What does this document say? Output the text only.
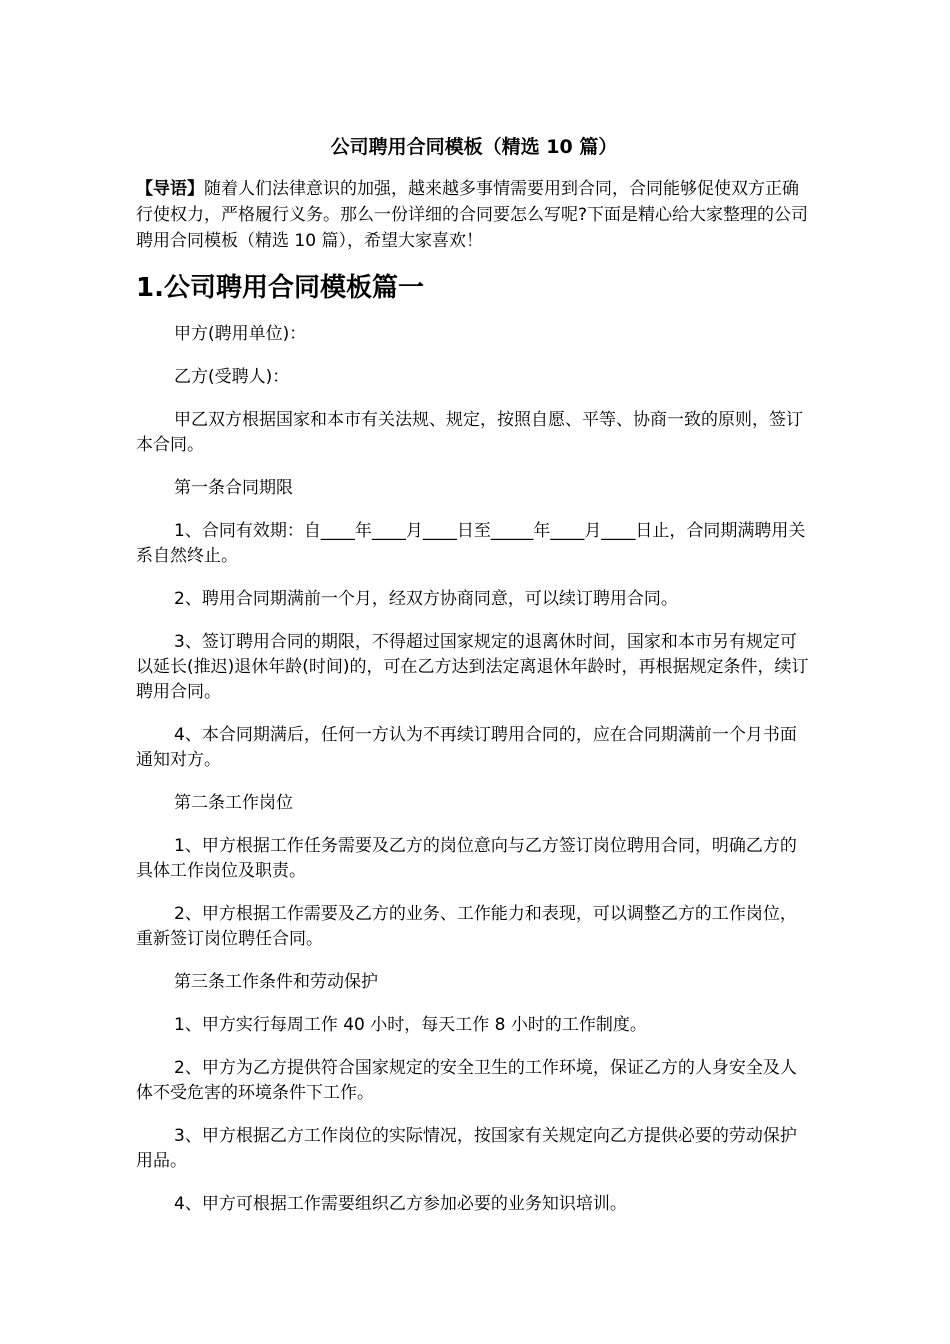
公司聘用合同模板（精选 10 篇）

【导语】随着人们法律意识的加强，越来越多事情需要用到合同，合同能够促使双方正确行使权力，严格履行义务。那么一份详细的合同要怎么写呢?下面是精心给大家整理的公司聘用合同模板（精选 10 篇），希望大家喜欢！

1.公司聘用合同模板篇一

甲方(聘用单位)：

乙方(受聘人)：

甲乙双方根据国家和本市有关法规、规定，按照自愿、平等、协商一致的原则，签订本合同。

第一条合同期限

1、合同有效期：自____年____月____日至_____年____月____日止，合同期满聘用关系自然终止。

2、聘用合同期满前一个月，经双方协商同意，可以续订聘用合同。

3、签订聘用合同的期限，不得超过国家规定的退离休时间，国家和本市另有规定可以延长(推迟)退休年龄(时间)的，可在乙方达到法定离退休年龄时，再根据规定条件，续订聘用合同。

4、本合同期满后，任何一方认为不再续订聘用合同的，应在合同期满前一个月书面通知对方。

第二条工作岗位

1、甲方根据工作任务需要及乙方的岗位意向与乙方签订岗位聘用合同，明确乙方的具体工作岗位及职责。

2、甲方根据工作需要及乙方的业务、工作能力和表现，可以调整乙方的工作岗位，重新签订岗位聘任合同。

第三条工作条件和劳动保护

1、甲方实行每周工作 40 小时，每天工作 8 小时的工作制度。

2、甲方为乙方提供符合国家规定的安全卫生的工作环境，保证乙方的人身安全及人体不受危害的环境条件下工作。

3、甲方根据乙方工作岗位的实际情况，按国家有关规定向乙方提供必要的劳动保护用品。

4、甲方可根据工作需要组织乙方参加必要的业务知识培训。
